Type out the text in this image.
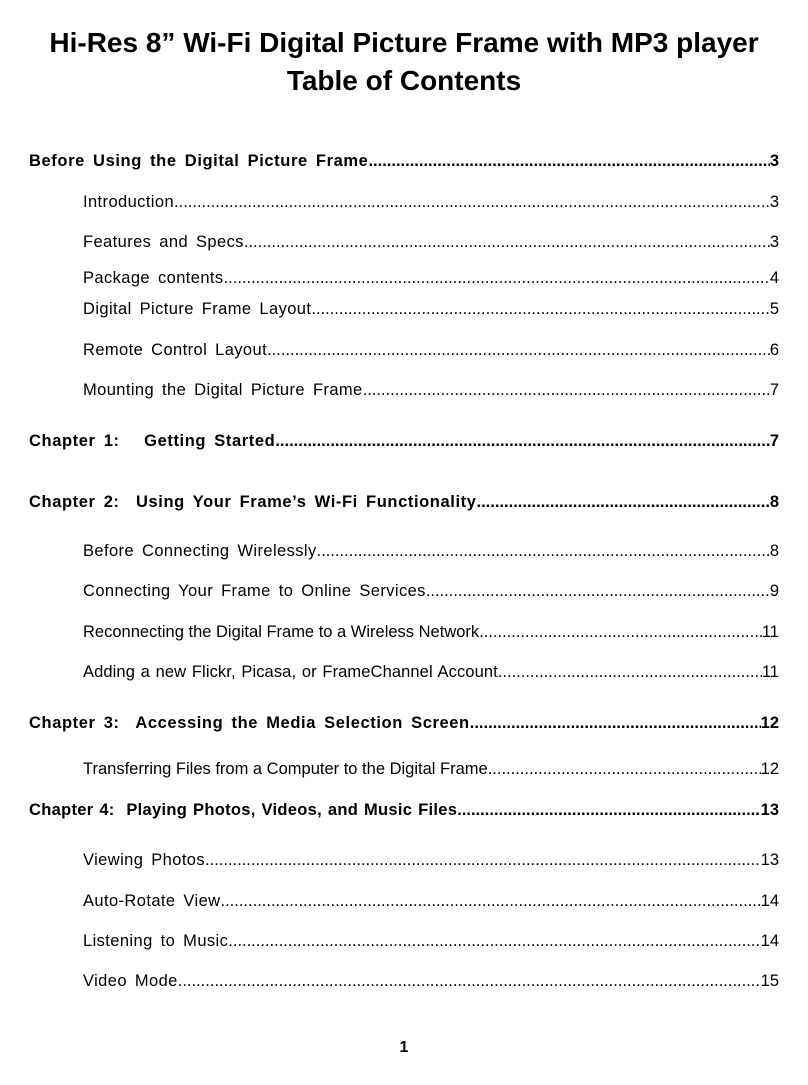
Hi-Res 8” Wi-Fi Digital Picture Frame with MP3 player
Table of Contents
Before Using the Digital Picture Frame .....	3
Introduction .....	3
Features and Specs .....	3
Package contents .....	4
Digital Picture Frame Layout .....	5
Remote Control Layout .....	6
Mounting the Digital Picture Frame .....	7
Chapter 1:   Getting Started .....	7
Chapter 2:  Using Your Frame’s Wi-Fi Functionality .....	8
Before Connecting Wirelessly .....	8
Connecting Your Frame to Online Services .....	9
Reconnecting the Digital Frame to a Wireless Network .....	11
Adding a new Flickr, Picasa, or FrameChannel Account .....	11
Chapter 3:  Accessing the Media Selection Screen .....	12
Transferring Files from a Computer to the Digital Frame .....	12
Chapter 4:  Playing Photos, Videos, and Music Files .....	13
Viewing Photos .....	13
Auto-Rotate View .....	14
Listening to Music .....	14
Video Mode .....	15
1
